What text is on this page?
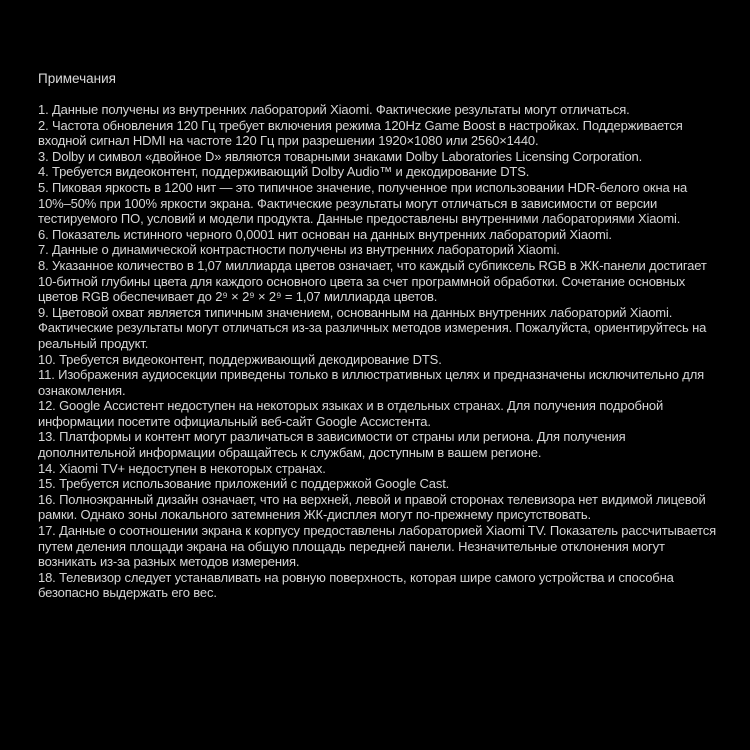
Примечания

1. Данные получены из внутренних лабораторий Xiaomi. Фактические результаты могут отличаться.
2. Частота обновления 120 Гц требует включения режима 120Hz Game Boost в настройках. Поддерживается входной сигнал HDMI на частоте 120 Гц при разрешении 1920×1080 или 2560×1440.
3. Dolby и символ «двойное D» являются товарными знаками Dolby Laboratories Licensing Corporation.
4. Требуется видеоконтент, поддерживающий Dolby Audio™ и декодирование DTS.
5. Пиковая яркость в 1200 нит — это типичное значение, полученное при использовании HDR-белого окна на 10%–50% при 100% яркости экрана. Фактические результаты могут отличаться в зависимости от версии тестируемого ПО, условий и модели продукта. Данные предоставлены внутренними лабораториями Xiaomi.
6. Показатель истинного черного 0,0001 нит основан на данных внутренних лабораторий Xiaomi.
7. Данные о динамической контрастности получены из внутренних лабораторий Xiaomi.
8. Указанное количество в 1,07 миллиарда цветов означает, что каждый субпиксель RGB в ЖК-панели достигает 10-битной глубины цвета для каждого основного цвета за счет программной обработки. Сочетание основных цветов RGB обеспечивает до 2⁹ × 2⁹ × 2⁹ = 1,07 миллиарда цветов.
9. Цветовой охват является типичным значением, основанным на данных внутренних лабораторий Xiaomi. Фактические результаты могут отличаться из-за различных методов измерения. Пожалуйста, ориентируйтесь на реальный продукт.
10. Требуется видеоконтент, поддерживающий декодирование DTS.
11. Изображения аудиосекции приведены только в иллюстративных целях и предназначены исключительно для ознакомления.
12. Google Ассистент недоступен на некоторых языках и в отдельных странах. Для получения подробной информации посетите официальный веб-сайт Google Ассистента.
13. Платформы и контент могут различаться в зависимости от страны или региона. Для получения дополнительной информации обращайтесь к службам, доступным в вашем регионе.
14. Xiaomi TV+ недоступен в некоторых странах.
15. Требуется использование приложений с поддержкой Google Cast.
16. Полноэкранный дизайн означает, что на верхней, левой и правой сторонах телевизора нет видимой лицевой рамки. Однако зоны локального затемнения ЖК-дисплея могут по-прежнему присутствовать.
17. Данные о соотношении экрана к корпусу предоставлены лабораторией Xiaomi TV. Показатель рассчитывается путем деления площади экрана на общую площадь передней панели. Незначительные отклонения могут возникать из-за разных методов измерения.
18. Телевизор следует устанавливать на ровную поверхность, которая шире самого устройства и способна безопасно выдержать его вес.
